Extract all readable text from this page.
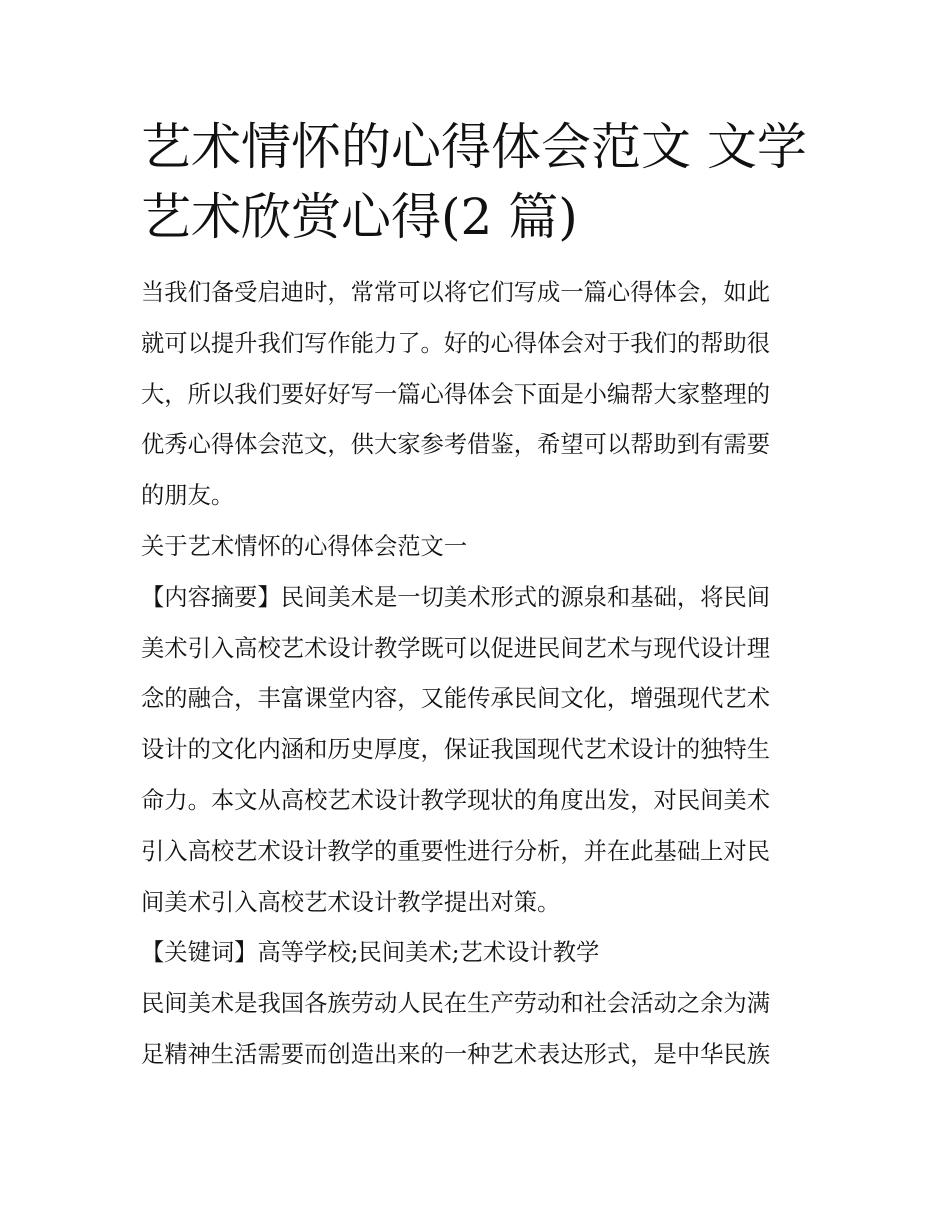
艺术情怀的心得体会范文 文学
艺术欣赏心得(2 篇)
当我们备受启迪时，常常可以将它们写成一篇心得体会，如此
就可以提升我们写作能力了。好的心得体会对于我们的帮助很
大，所以我们要好好写一篇心得体会下面是小编帮大家整理的
优秀心得体会范文，供大家参考借鉴，希望可以帮助到有需要
的朋友。
关于艺术情怀的心得体会范文一
【内容摘要】民间美术是一切美术形式的源泉和基础，将民间
美术引入高校艺术设计教学既可以促进民间艺术与现代设计理
念的融合，丰富课堂内容，又能传承民间文化，增强现代艺术
设计的文化内涵和历史厚度，保证我国现代艺术设计的独特生
命力。本文从高校艺术设计教学现状的角度出发，对民间美术
引入高校艺术设计教学的重要性进行分析，并在此基础上对民
间美术引入高校艺术设计教学提出对策。
【关键词】高等学校;民间美术;艺术设计教学
民间美术是我国各族劳动人民在生产劳动和社会活动之余为满
足精神生活需要而创造出来的一种艺术表达形式，是中华民族
